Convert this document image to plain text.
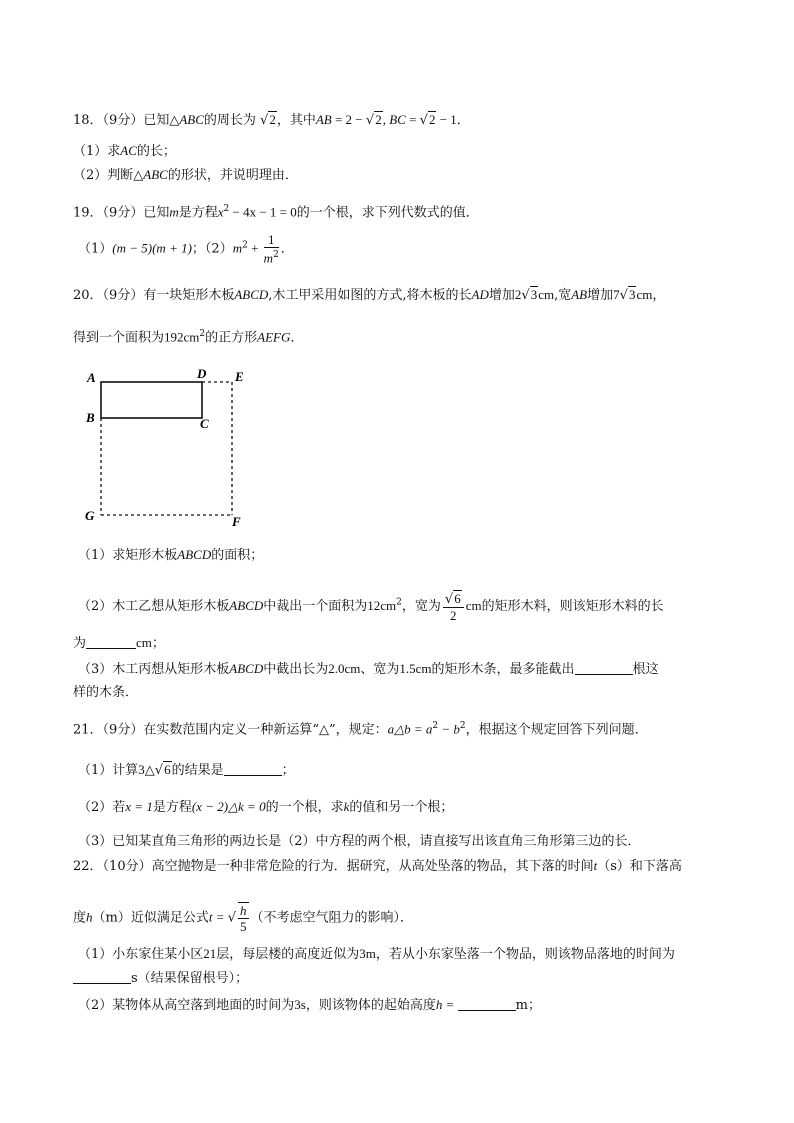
18．（9分）已知△ABC的周长为 √2，其中AB = 2 − √2, BC = √2 − 1．
（1）求AC的长；
（2）判断△ABC的形状，并说明理由．
19．（9分）已知m是方程$x^2 - 4x - 1 = 0$的一个根，求下列代数式的值．
（1）(m − 5)(m + 1)；$(2)m^2 + \frac{1}{m^2}$ ．
20．（9分）有一块矩形木板ABCD,木工甲采用如图的方式,将木板的长AD增加2√3cm,宽AB增加7√3cm，
得到一个面积为$192cm^2$的正方形AEFG．
A
B	C
D E
F
G
（1）求矩形木板ABCD的面积；
（2）木工乙想从矩形木板ABCD中裁出一个面积为$12cm^2$，宽为 $\frac{√6}{2}$ cm的矩形木料，则该矩形木料的长
为	cm；
（3）木工丙想从矩形木板ABCD中截出长为2.0cm、宽为1.5cm的矩形木条，最多能截出	根这
样的木条．
21．（9分）在实数范围内定义一种新运算“△”，规定：a△b = $a^2 - b^2$，根据这个规定回答下列问题．
（1）计算3△√6的结果是	；
（2）若x = 1是方程(x − 2)△k = 0的一个根，求k的值和另一个根；
（3）已知某直角三角形的两边长是（2）中方程的两个根，请直接写出该直角三角形第三边的长．
22．（10分）高空抛物是一种非常危险的行为．据研究，从高处坠落的物品，其下落的时间t（s）和下落高
度h（m）近似满足公式t = √ $\frac{h}{5}$ （不考虑空气阻力的影响）．
（1）小东家住某小区21层，每层楼的高度近似为3m，若从小东家坠落一个物品，则该物品落地的时间为
s（结果保留根号）；
（2）某物体从高空落到地面的时间为3s，则该物体的起始高度h =	m；
